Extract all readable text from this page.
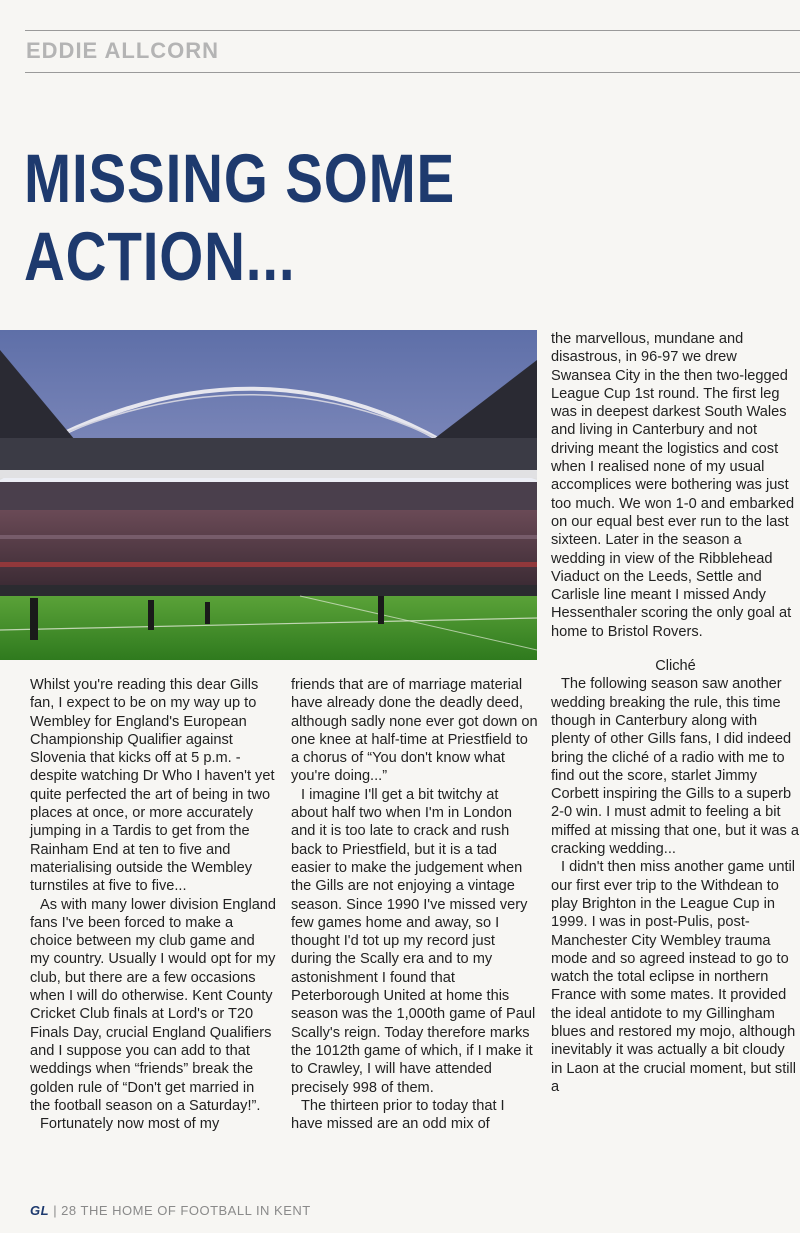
EDDIE ALLCORN
MISSING SOME
ACTION...

Whilst you're reading this dear Gills fan, I expect to be on my way up to Wembley for England's European Championship Qualifier against Slovenia that kicks off at 5 p.m. - despite watching Dr Who I haven't yet quite perfected the art of being in two places at once, or more accurately jumping in a Tardis to get from the Rainham End at ten to five and materialising outside the Wembley turnstiles at five to five...

As with many lower division England fans I've been forced to make a choice between my club game and my country. Usually I would opt for my club, but there are a few occasions when I will do otherwise. Kent County Cricket Club finals at Lord's or T20 Finals Day, crucial England Qualifiers and I suppose you can add to that weddings when “friends” break the golden rule of “Don't get married in the football season on a Saturday!”.

Fortunately now most of my

friends that are of marriage material have already done the deadly deed, although sadly none ever got down on one knee at half-time at Priestfield to a chorus of “You don't know what you're doing...”

I imagine I'll get a bit twitchy at about half two when I'm in London and it is too late to crack and rush back to Priestfield, but it is a tad easier to make the judgement when the Gills are not enjoying a vintage season. Since 1990 I've missed very few games home and away, so I thought I'd tot up my record just during the Scally era and to my astonishment I found that Peterborough United at home this season was the 1,000th game of Paul Scally's reign. Today therefore marks the 1012th game of which, if I make it to Crawley, I will have attended precisely 998 of them.

The thirteen prior to today that I have missed are an odd mix of

the marvellous, mundane and disastrous, in 96-97 we drew Swansea City in the then two-legged League Cup 1st round. The first leg was in deepest darkest South Wales and living in Canterbury and not driving meant the logistics and cost when I realised none of my usual accomplices were bothering was just too much. We won 1-0 and embarked on our equal best ever run to the last sixteen. Later in the season a wedding in view of the Ribblehead Viaduct on the Leeds, Settle and Carlisle line meant I missed Andy Hessenthaler scoring the only goal at home to Bristol Rovers.

Cliché

The following season saw another wedding breaking the rule, this time though in Canterbury along with plenty of other Gills fans, I did indeed bring the cliché of a radio with me to find out the score, starlet Jimmy Corbett inspiring the Gills to a superb 2-0 win. I must admit to feeling a bit miffed at missing that one, but it was a cracking wedding...

I didn't then miss another game until our first ever trip to the Withdean to play Brighton in the League Cup in 1999. I was in post-Pulis, post-Manchester City Wembley trauma mode and so agreed instead to go to watch the total eclipse in northern France with some mates. It provided the ideal antidote to my Gillingham blues and restored my mojo, although inevitably it was actually a bit cloudy in Laon at the crucial moment, but still a

GL | 28 THE HOME OF FOOTBALL IN KENT
